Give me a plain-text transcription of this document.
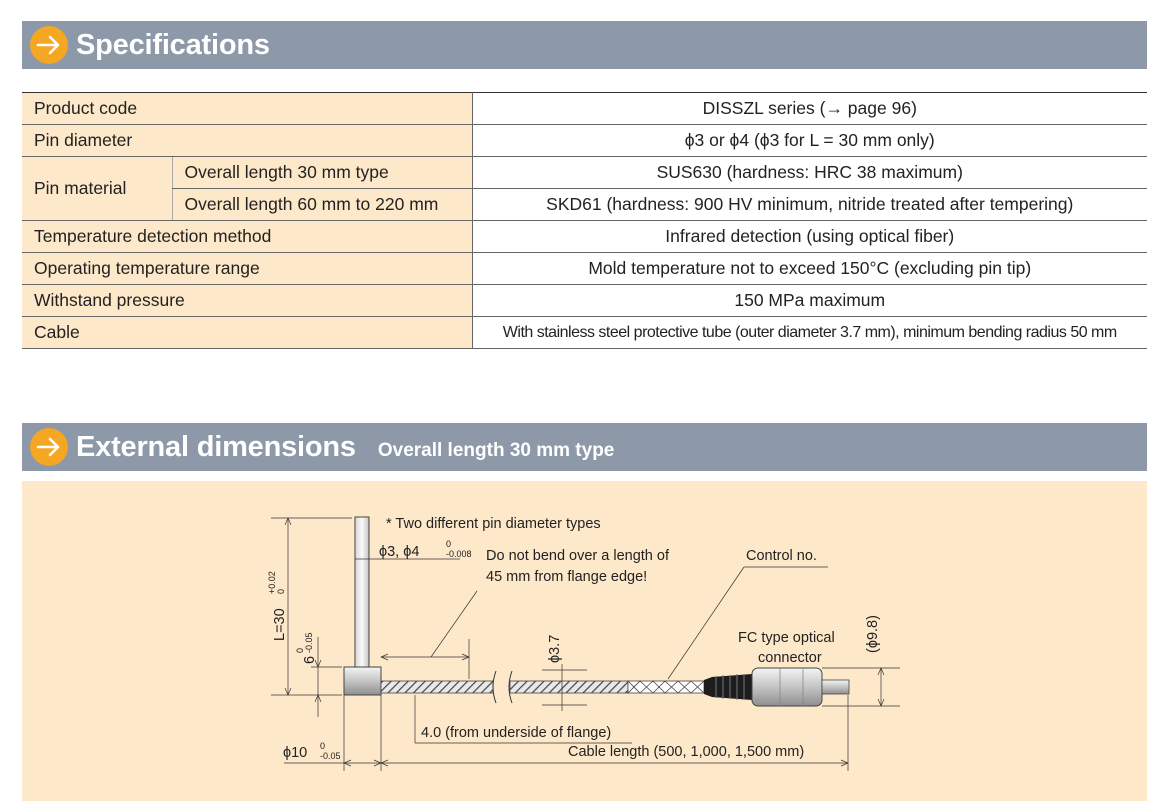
Specifications
Product code		DISSZL series (→ page 96)
Pin diameter		ϕ3 or ϕ4 (ϕ3 for L = 30 mm only)
Pin material	Overall length 30 mm type	SUS630 (hardness: HRC 38 maximum)
	Overall length 60 mm to 220 mm	SKD61 (hardness: 900 HV minimum, nitride treated after tempering)
Temperature detection method		Infrared detection (using optical fiber)
Operating temperature range		Mold temperature not to exceed 150°C (excluding pin tip)
Withstand pressure		150 MPa maximum
Cable		With stainless steel protective tube (outer diameter 3.7 mm), minimum bending radius 50 mm
External dimensions Overall length 30 mm type
* Two different pin diameter types
ϕ3, ϕ4	0
-0.008 Do not bend over a length of
45 mm from flange edge!
Control no.
FC type optical
connector
(ϕ9.8)
ϕ3.7
L=30
+0.02 0
6
0 -0.05
4.0 (from underside of flange)
ϕ10 0
-0.05	Cable length (500, 1,000, 1,500 mm)
